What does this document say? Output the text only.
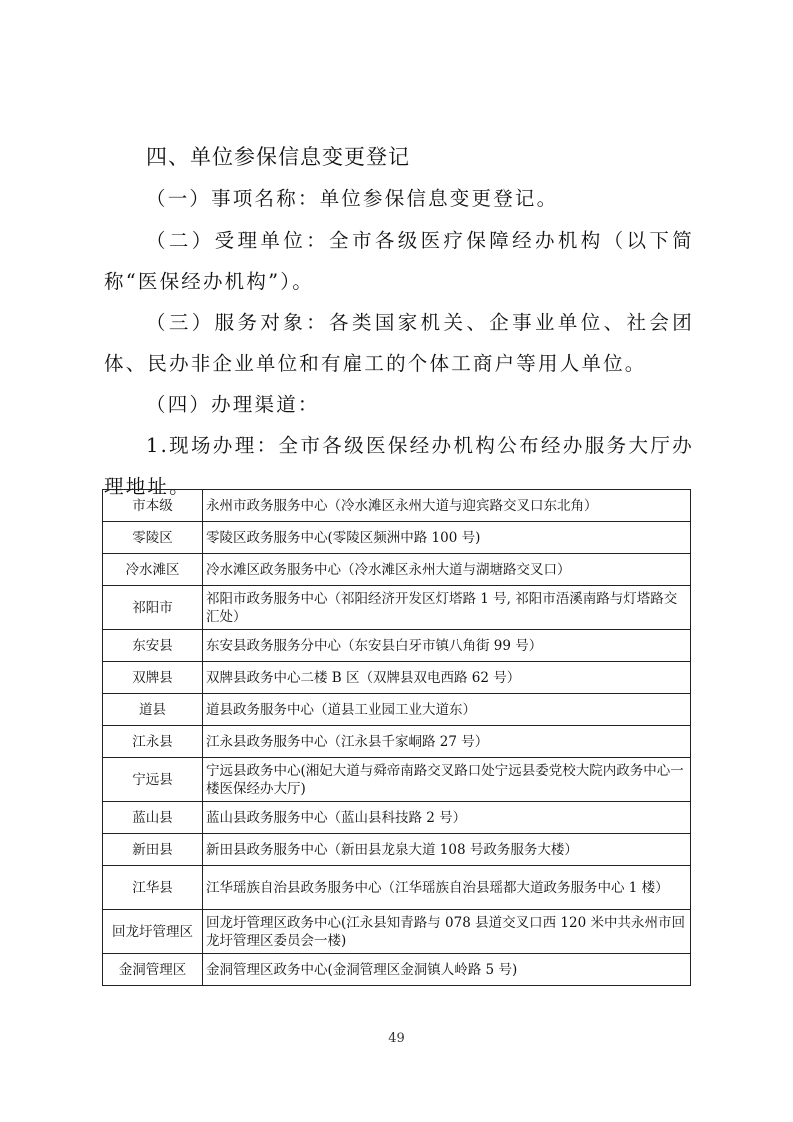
四、单位参保信息变更登记
（一）事项名称：单位参保信息变更登记。
（二）受理单位：全市各级医疗保障经办机构（以下简称“医保经办机构”）。
（三）服务对象：各类国家机关、企事业单位、社会团体、民办非企业单位和有雇工的个体工商户等用人单位。
（四）办理渠道：
1.现场办理：全市各级医保经办机构公布经办服务大厅办理地址。
市本级	永州市政务服务中心（冷水滩区永州大道与迎宾路交叉口东北角）
零陵区	零陵区政务服务中心(零陵区频洲中路 100 号)
冷水滩区	冷水滩区政务服务中心（冷水滩区永州大道与湖塘路交叉口）
祁阳市	祁阳市政务服务中心（祁阳经济开发区灯塔路 1 号, 祁阳市浯溪南路与灯塔路交汇处）
东安县	东安县政务服务分中心（东安县白牙市镇八角街 99 号）
双牌县	双牌县政务中心二楼 B 区（双牌县双电西路 62 号）
道县	道县政务服务中心（道县工业园工业大道东）
江永县	江永县政务服务中心（江永县千家峒路 27 号）
宁远县	宁远县政务中心(湘妃大道与舜帝南路交叉路口处宁远县委党校大院内政务中心一楼医保经办大厅)
蓝山县	蓝山县政务服务中心（蓝山县科技路 2 号）
新田县	新田县政务服务中心（新田县龙泉大道 108 号政务服务大楼）
江华县	江华瑶族自治县政务服务中心（江华瑶族自治县瑶都大道政务服务中心 1 楼）
回龙圩管理区	回龙圩管理区政务中心(江永县知青路与 078 县道交叉口西 120 米中共永州市回龙圩管理区委员会一楼)
金洞管理区	金洞管理区政务中心(金洞管理区金洞镇人岭路 5 号)
49
